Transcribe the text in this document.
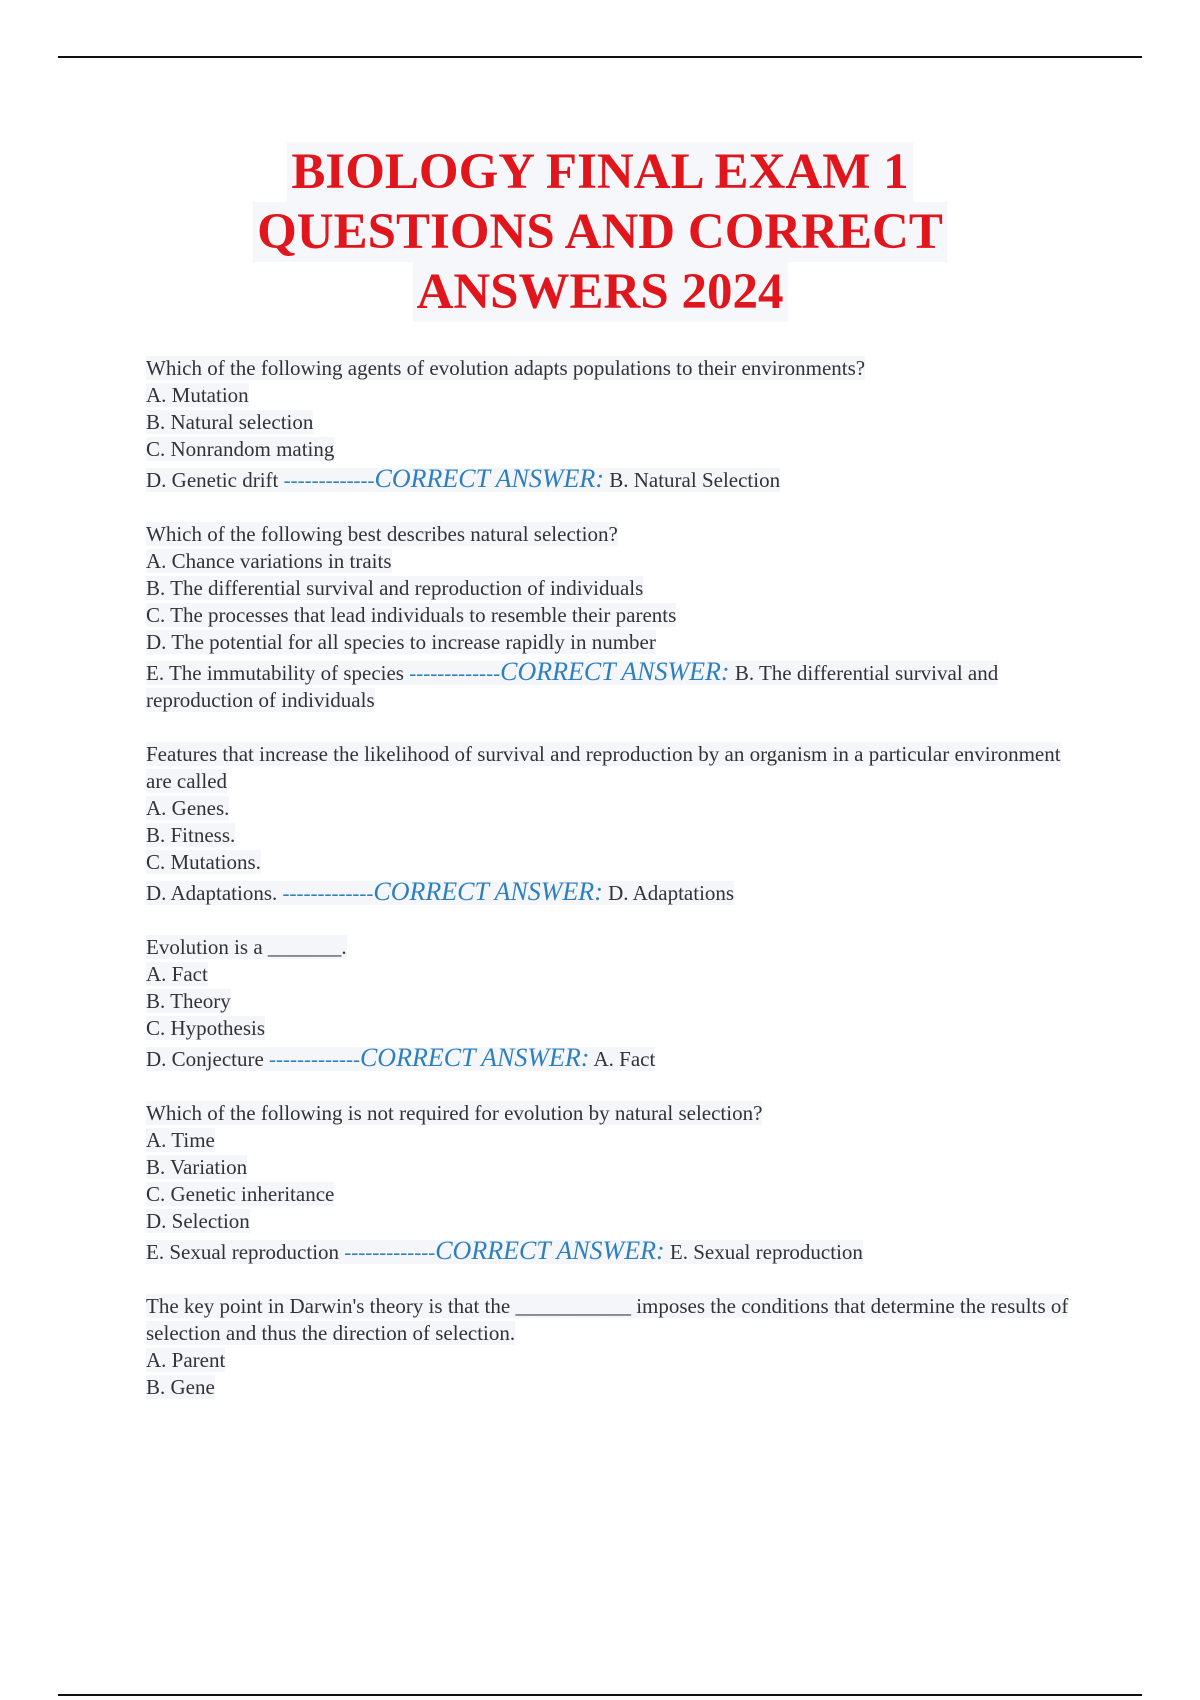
BIOLOGY FINAL EXAM 1
QUESTIONS AND CORRECT
ANSWERS 2024
Which of the following agents of evolution adapts populations to their environments?
A. Mutation
B. Natural selection
C. Nonrandom mating
D. Genetic drift -------------CORRECT ANSWER: B. Natural Selection
Which of the following best describes natural selection?
A. Chance variations in traits
B. The differential survival and reproduction of individuals
C. The processes that lead individuals to resemble their parents
D. The potential for all species to increase rapidly in number
E. The immutability of species -------------CORRECT ANSWER: B. The differential survival and reproduction of individuals
Features that increase the likelihood of survival and reproduction by an organism in a particular environment are called
A. Genes.
B. Fitness.
C. Mutations.
D. Adaptations. -------------CORRECT ANSWER: D. Adaptations
Evolution is a _______.
A. Fact
B. Theory
C. Hypothesis
D. Conjecture -------------CORRECT ANSWER: A. Fact
Which of the following is not required for evolution by natural selection?
A. Time
B. Variation
C. Genetic inheritance
D. Selection
E. Sexual reproduction -------------CORRECT ANSWER: E. Sexual reproduction
The key point in Darwin's theory is that the ___________ imposes the conditions that determine the results of selection and thus the direction of selection.
A. Parent
B. Gene
